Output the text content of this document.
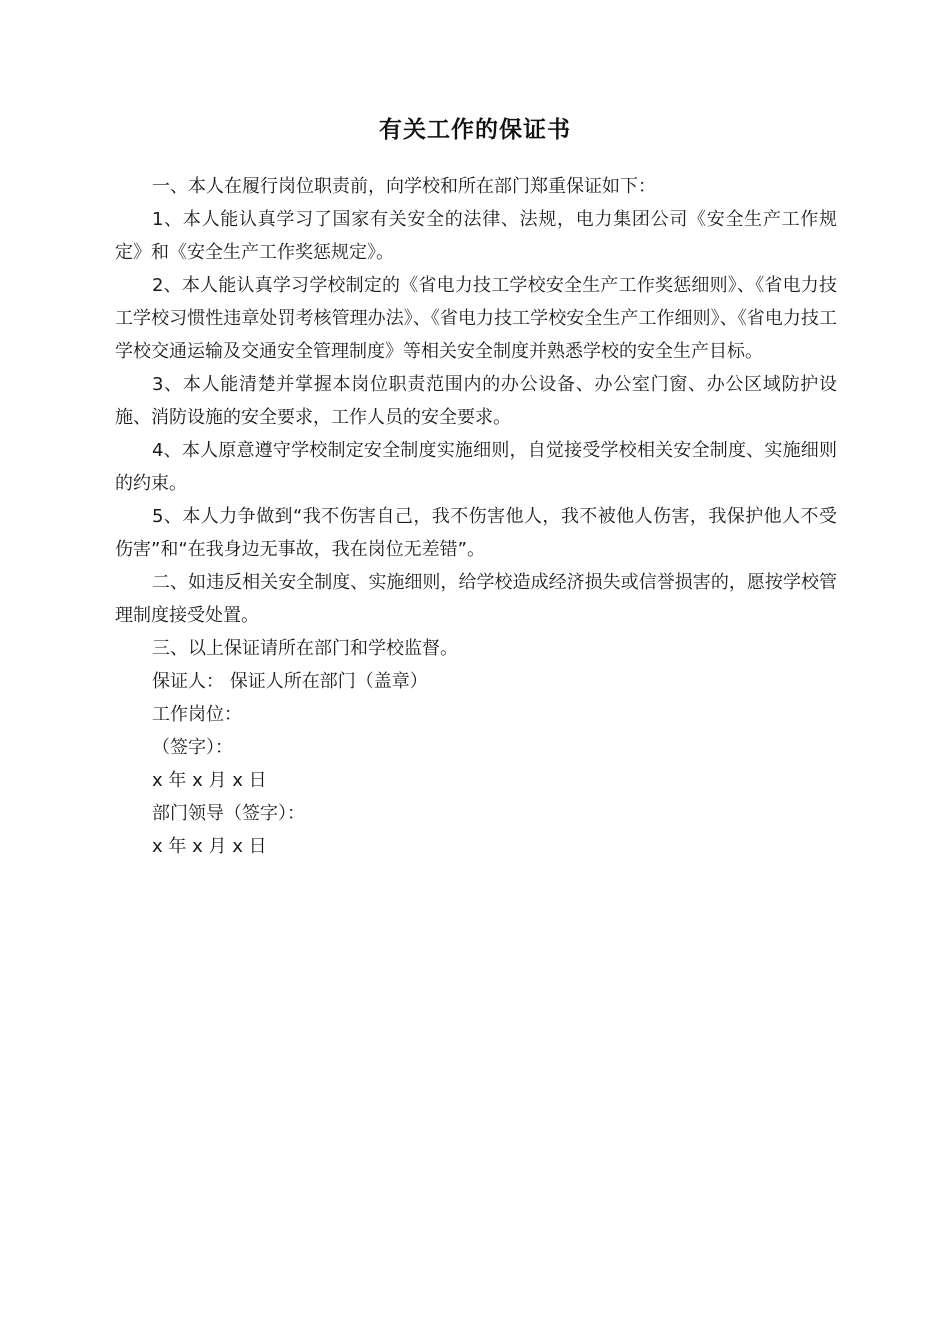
有关工作的保证书

一、本人在履行岗位职责前，向学校和所在部门郑重保证如下：

1、本人能认真学习了国家有关安全的法律、法规，电力集团公司《安全生产工作规定》和《安全生产工作奖惩规定》。

2、本人能认真学习学校制定的《省电力技工学校安全生产工作奖惩细则》、《省电力技工学校习惯性违章处罚考核管理办法》、《省电力技工学校安全生产工作细则》、《省电力技工学校交通运输及交通安全管理制度》等相关安全制度并熟悉学校的安全生产目标。

3、本人能清楚并掌握本岗位职责范围内的办公设备、办公室门窗、办公区域防护设施、消防设施的安全要求，工作人员的安全要求。

4、本人原意遵守学校制定安全制度实施细则，自觉接受学校相关安全制度、实施细则的约束。

5、本人力争做到“我不伤害自己，我不伤害他人，我不被他人伤害，我保护他人不受伤害”和“在我身边无事故，我在岗位无差错”。

二、如违反相关安全制度、实施细则，给学校造成经济损失或信誉损害的，愿按学校管理制度接受处置。

三、以上保证请所在部门和学校监督。

保证人： 保证人所在部门（盖章）

工作岗位：

（签字）：

x 年 x 月 x 日

部门领导（签字）：

x 年 x 月 x 日
